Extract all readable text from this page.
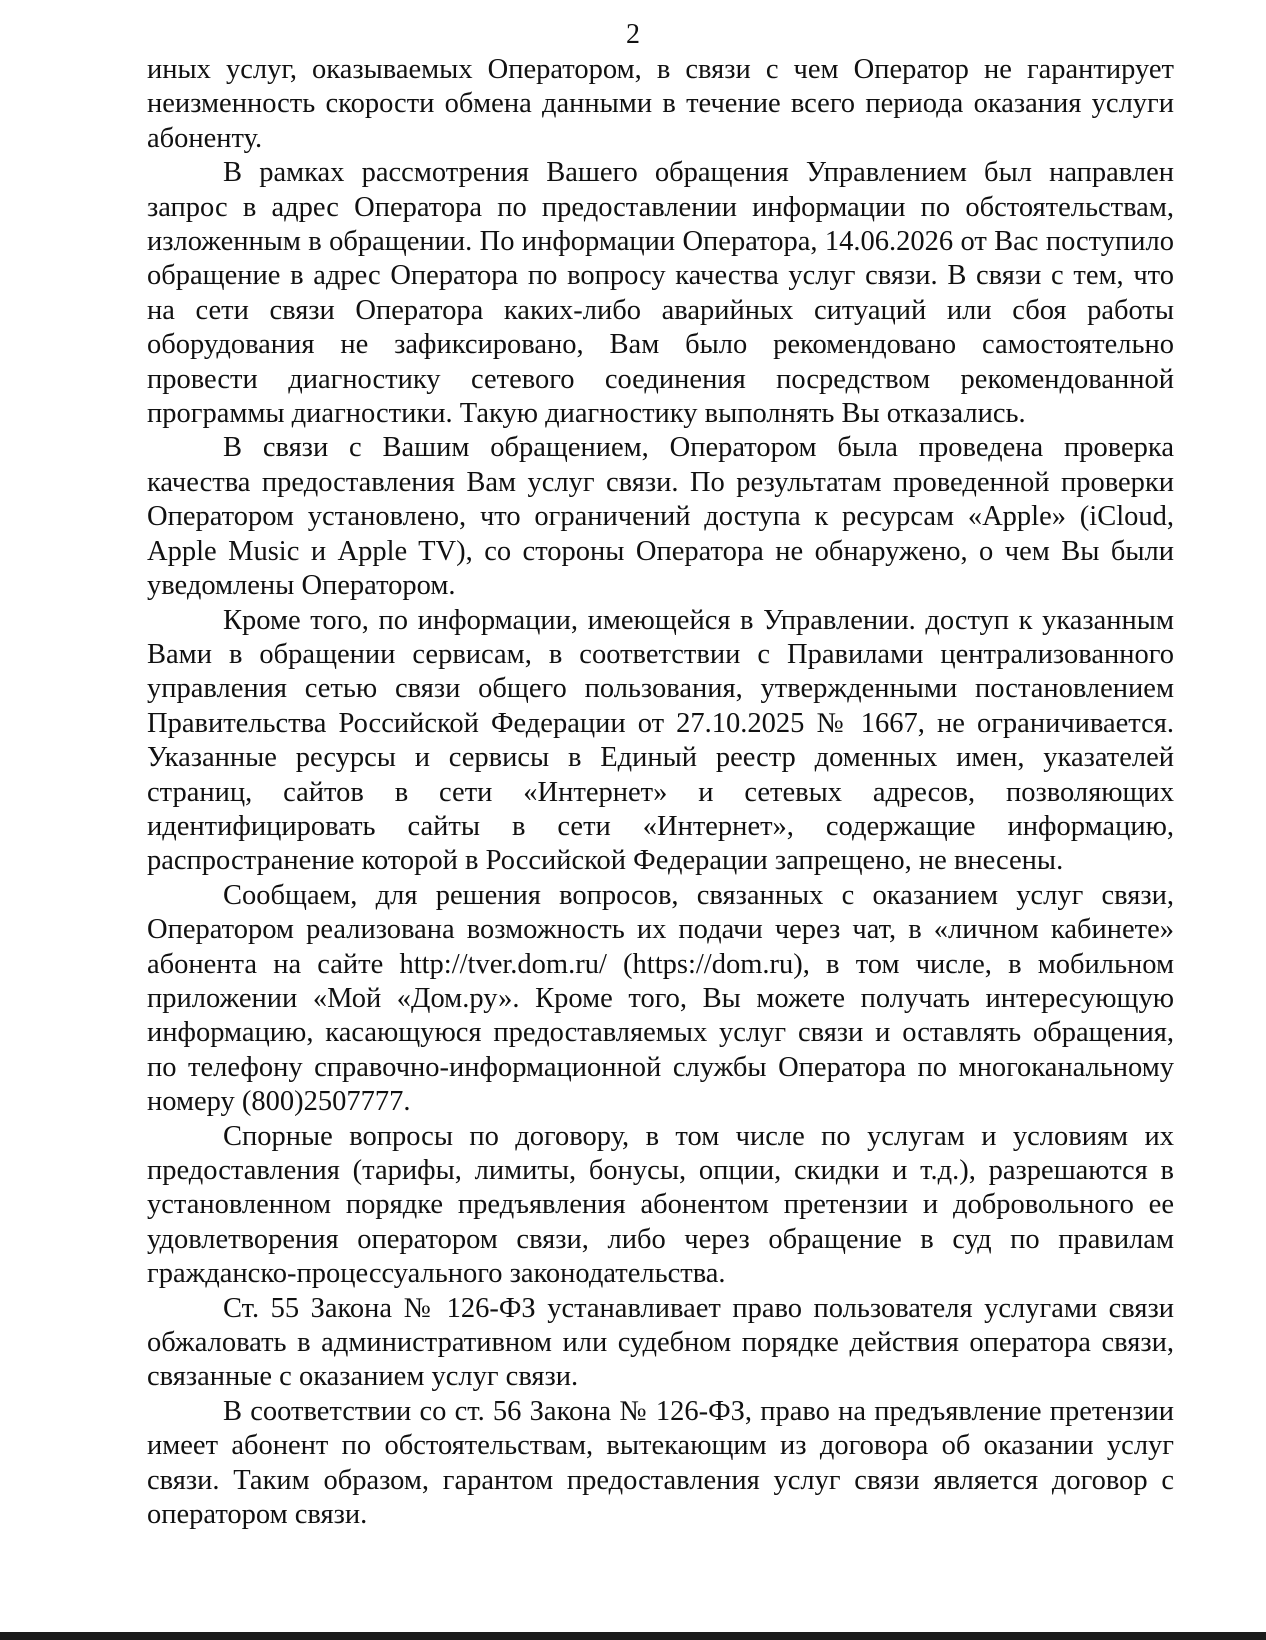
2

иных услуг, оказываемых Оператором, в связи с чем Оператор не гарантирует неизменность скорости обмена данными в течение всего периода оказания услуги абоненту.

В рамках рассмотрения Вашего обращения Управлением был направлен запрос в адрес Оператора по предоставлении информации по обстоятельствам, изложенным в обращении. По информации Оператора, 14.06.2026 от Вас поступило обращение в адрес Оператора по вопросу качества услуг связи. В связи с тем, что на сети связи Оператора каких-либо аварийных ситуаций или сбоя работы оборудования не зафиксировано, Вам было рекомендовано самостоятельно провести диагностику сетевого соединения посредством рекомендованной программы диагностики. Такую диагностику выполнять Вы отказались.

В связи с Вашим обращением, Оператором была проведена проверка качества предоставления Вам услуг связи. По результатам проведенной проверки Оператором установлено, что ограничений доступа к ресурсам «Apple» (iCloud, Apple Music и Apple TV), со стороны Оператора не обнаружено, о чем Вы были уведомлены Оператором.

Кроме того, по информации, имеющейся в Управлении. доступ к указанным Вами в обращении сервисам, в соответствии с Правилами централизованного управления сетью связи общего пользования, утвержденными постановлением Правительства Российской Федерации от 27.10.2025 № 1667, не ограничивается. Указанные ресурсы и сервисы в Единый реестр доменных имен, указателей страниц, сайтов в сети «Интернет» и сетевых адресов, позволяющих идентифицировать сайты в сети «Интернет», содержащие информацию, распространение которой в Российской Федерации запрещено, не внесены.

Сообщаем, для решения вопросов, связанных с оказанием услуг связи, Оператором реализована возможность их подачи через чат, в «личном кабинете» абонента на сайте http://tver.dom.ru/ (https://dom.ru), в том числе, в мобильном приложении «Мой «Дом.ру». Кроме того, Вы можете получать интересующую информацию, касающуюся предоставляемых услуг связи и оставлять обращения, по телефону справочно-информационной службы Оператора по многоканальному номеру (800)2507777.

Спорные вопросы по договору, в том числе по услугам и условиям их предоставления (тарифы, лимиты, бонусы, опции, скидки и т.д.), разрешаются в установленном порядке предъявления абонентом претензии и добровольного ее удовлетворения оператором связи, либо через обращение в суд по правилам гражданско-процессуального законодательства.

Ст. 55 Закона № 126-ФЗ устанавливает право пользователя услугами связи обжаловать в административном или судебном порядке действия оператора связи, связанные с оказанием услуг связи.

В соответствии со ст. 56 Закона № 126-ФЗ, право на предъявление претензии имеет абонент по обстоятельствам, вытекающим из договора об оказании услуг связи. Таким образом, гарантом предоставления услуг связи является договор с оператором связи.
